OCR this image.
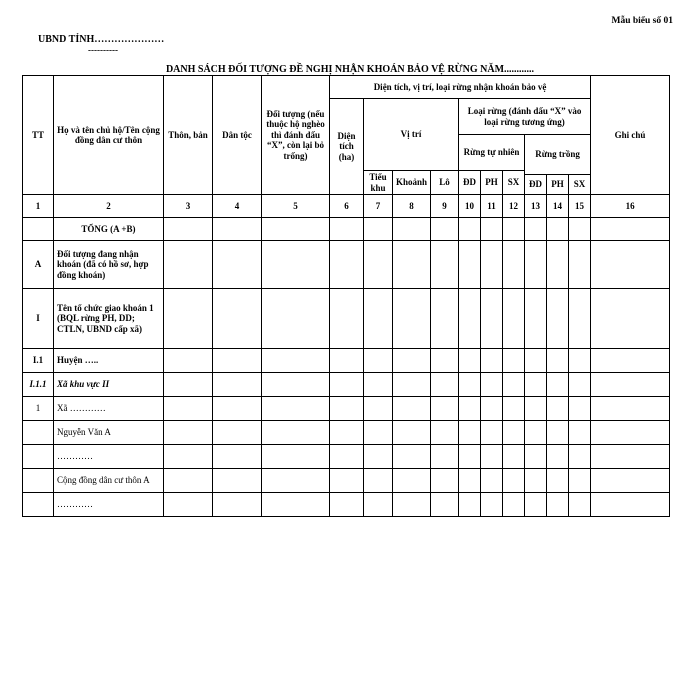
Mẫu biểu số 01
UBND TỈNH…………………
----------
DANH SÁCH ĐỐI TƯỢNG ĐỀ NGHỊ NHẬN KHOÁN BẢO VỆ RỪNG NĂM............
TT	Họ và tên chủ hộ/Tên cộng đồng dân cư thôn	Thôn, bản	Dân tộc	Đối tượng (nếu thuộc hộ nghèo thì đánh dấu “X”, còn lại bỏ trống)	Diện tích, vị trí, loại rừng nhận khoán bảo vệ										Ghi chú
					Diện tích (ha)	Vị trí			Loại rừng (đánh dấu “X” vào loại rừng tương ứng)						
									Rừng tự nhiên			Rừng trồng			
						Tiểu khu	Khoảnh	Lô	ĐD	PH	SX				
												ĐD	PH	SX	
1	2	3	4	5	6	7	8	9	10	11	12	13	14	15	16
	TỔNG (A +B)														
A	Đối tượng đang nhận khoán (đã có hồ sơ, hợp đồng khoán)														
I	Tên tổ chức giao khoán 1 (BQL rừng PH, DD; CTLN, UBND cấp xã)														
I.1	Huyện …..														
I.1.1	Xã khu vực II														
1	Xã …………														
	Nguyễn Văn A														
	…………														
	Cộng đồng dân cư thôn A														
	…………														
